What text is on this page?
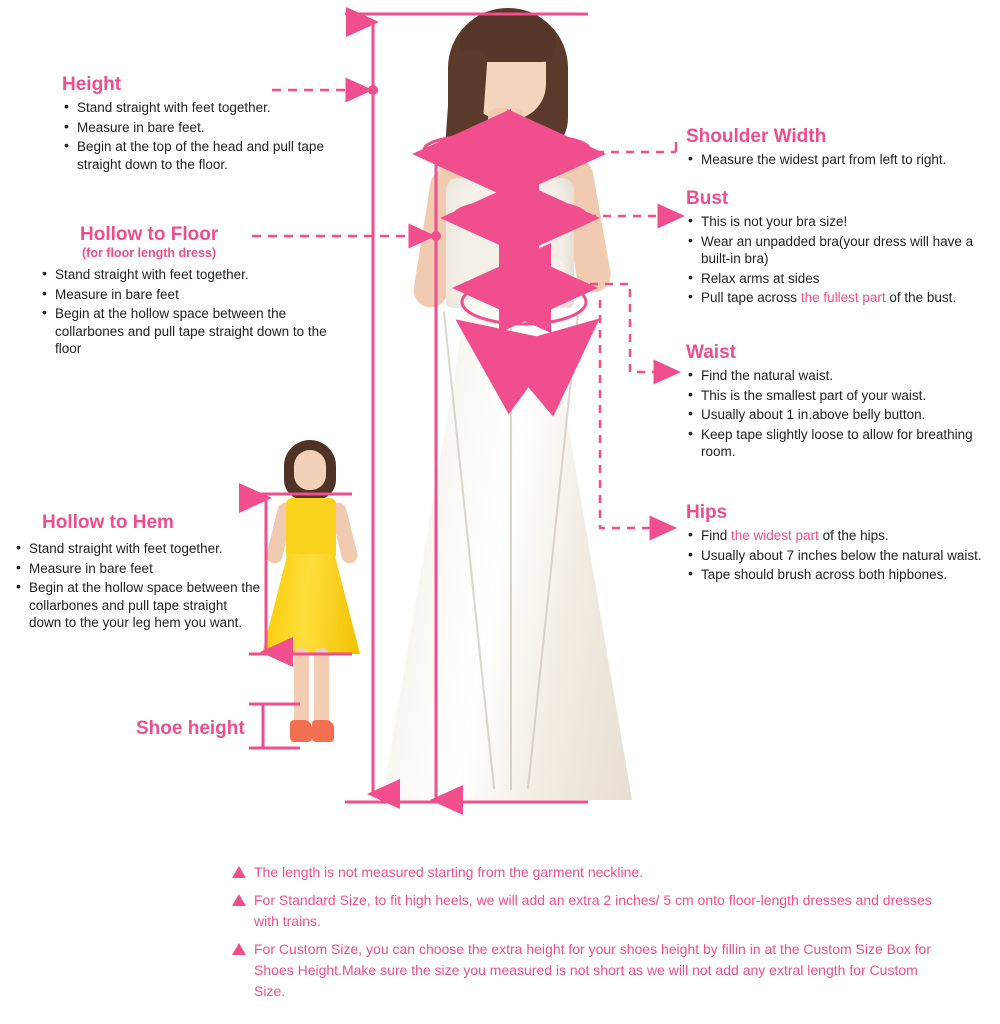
Height
• Stand straight with feet together.
• Measure in bare feet.
• Begin at the top of the head and pull tape straight down to the floor.
Hollow to Floor
(for floor length dress)
• Stand straight with feet together.
• Measure in bare feet
• Begin at the hollow space between the collarbones and pull tape straight down to the floor
Hollow to Hem
• Stand straight with feet together.
• Measure in bare feet
• Begin at the hollow space between the collarbones and pull tape straight down to the your leg hem you want.
Shoe height
Shoulder Width
• Measure the widest part from left to right.
Bust
• This is not your bra size!
• Wear an unpadded bra(your dress will have a built-in bra)
• Relax arms at sides
• Pull tape across the fullest part of the bust.
Waist
• Find the natural waist.
• This is the smallest part of your waist.
• Usually about 1 in.above belly button.
• Keep tape slightly loose to allow for breathing room.
Hips
• Find the widest part of the hips.
• Usually about 7 inches below the natural waist.
• Tape should brush across both hipbones.
The length is not measured starting from the garment neckline.
For Standard Size, to fit high heels, we will add an extra 2 inches/ 5 cm onto floor-length dresses and dresses with trains.
For Custom Size, you can choose the extra height for your shoes height by fillin in at the Custom Size Box for Shoes Height.Make sure the size you measured is not short as we will not add any extral length for Custom Size.
